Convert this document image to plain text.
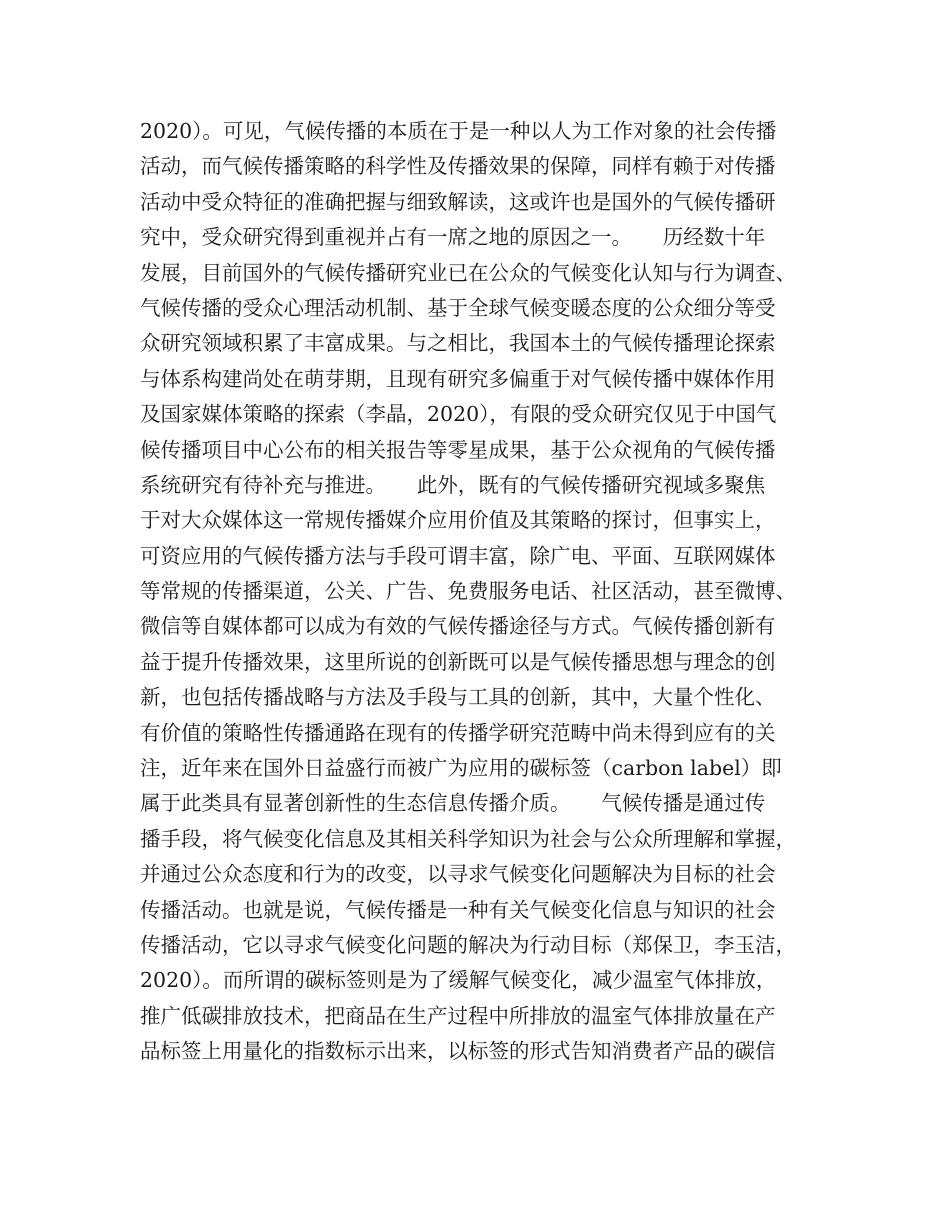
2020）。可见，气候传播的本质在于是一种以人为工作对象的社会传播
活动，而气候传播策略的科学性及传播效果的保障，同样有赖于对传播
活动中受众特征的准确把握与细致解读，这或许也是国外的气候传播研
究中，受众研究得到重视并占有一席之地的原因之一。　　历经数十年
发展，目前国外的气候传播研究业已在公众的气候变化认知与行为调查、
气候传播的受众心理活动机制、基于全球气候变暖态度的公众细分等受
众研究领域积累了丰富成果。与之相比，我国本土的气候传播理论探索
与体系构建尚处在萌芽期，且现有研究多偏重于对气候传播中媒体作用
及国家媒体策略的探索（李晶，2020），有限的受众研究仅见于中国气
候传播项目中心公布的相关报告等零星成果，基于公众视角的气候传播
系统研究有待补充与推进。　　此外，既有的气候传播研究视域多聚焦
于对大众媒体这一常规传播媒介应用价值及其策略的探讨，但事实上，
可资应用的气候传播方法与手段可谓丰富，除广电、平面、互联网媒体
等常规的传播渠道，公关、广告、免费服务电话、社区活动，甚至微博、
微信等自媒体都可以成为有效的气候传播途径与方式。气候传播创新有
益于提升传播效果，这里所说的创新既可以是气候传播思想与理念的创
新，也包括传播战略与方法及手段与工具的创新，其中，大量个性化、
有价值的策略性传播通路在现有的传播学研究范畴中尚未得到应有的关
注，近年来在国外日益盛行而被广为应用的碳标签（carbon label）即
属于此类具有显著创新性的生态信息传播介质。　　气候传播是通过传
播手段，将气候变化信息及其相关科学知识为社会与公众所理解和掌握，
并通过公众态度和行为的改变，以寻求气候变化问题解决为目标的社会
传播活动。也就是说，气候传播是一种有关气候变化信息与知识的社会
传播活动，它以寻求气候变化问题的解决为行动目标（郑保卫，李玉洁，
2020）。而所谓的碳标签则是为了缓解气候变化，减少温室气体排放，
推广低碳排放技术，把商品在生产过程中所排放的温室气体排放量在产
品标签上用量化的指数标示出来，以标签的形式告知消费者产品的碳信
